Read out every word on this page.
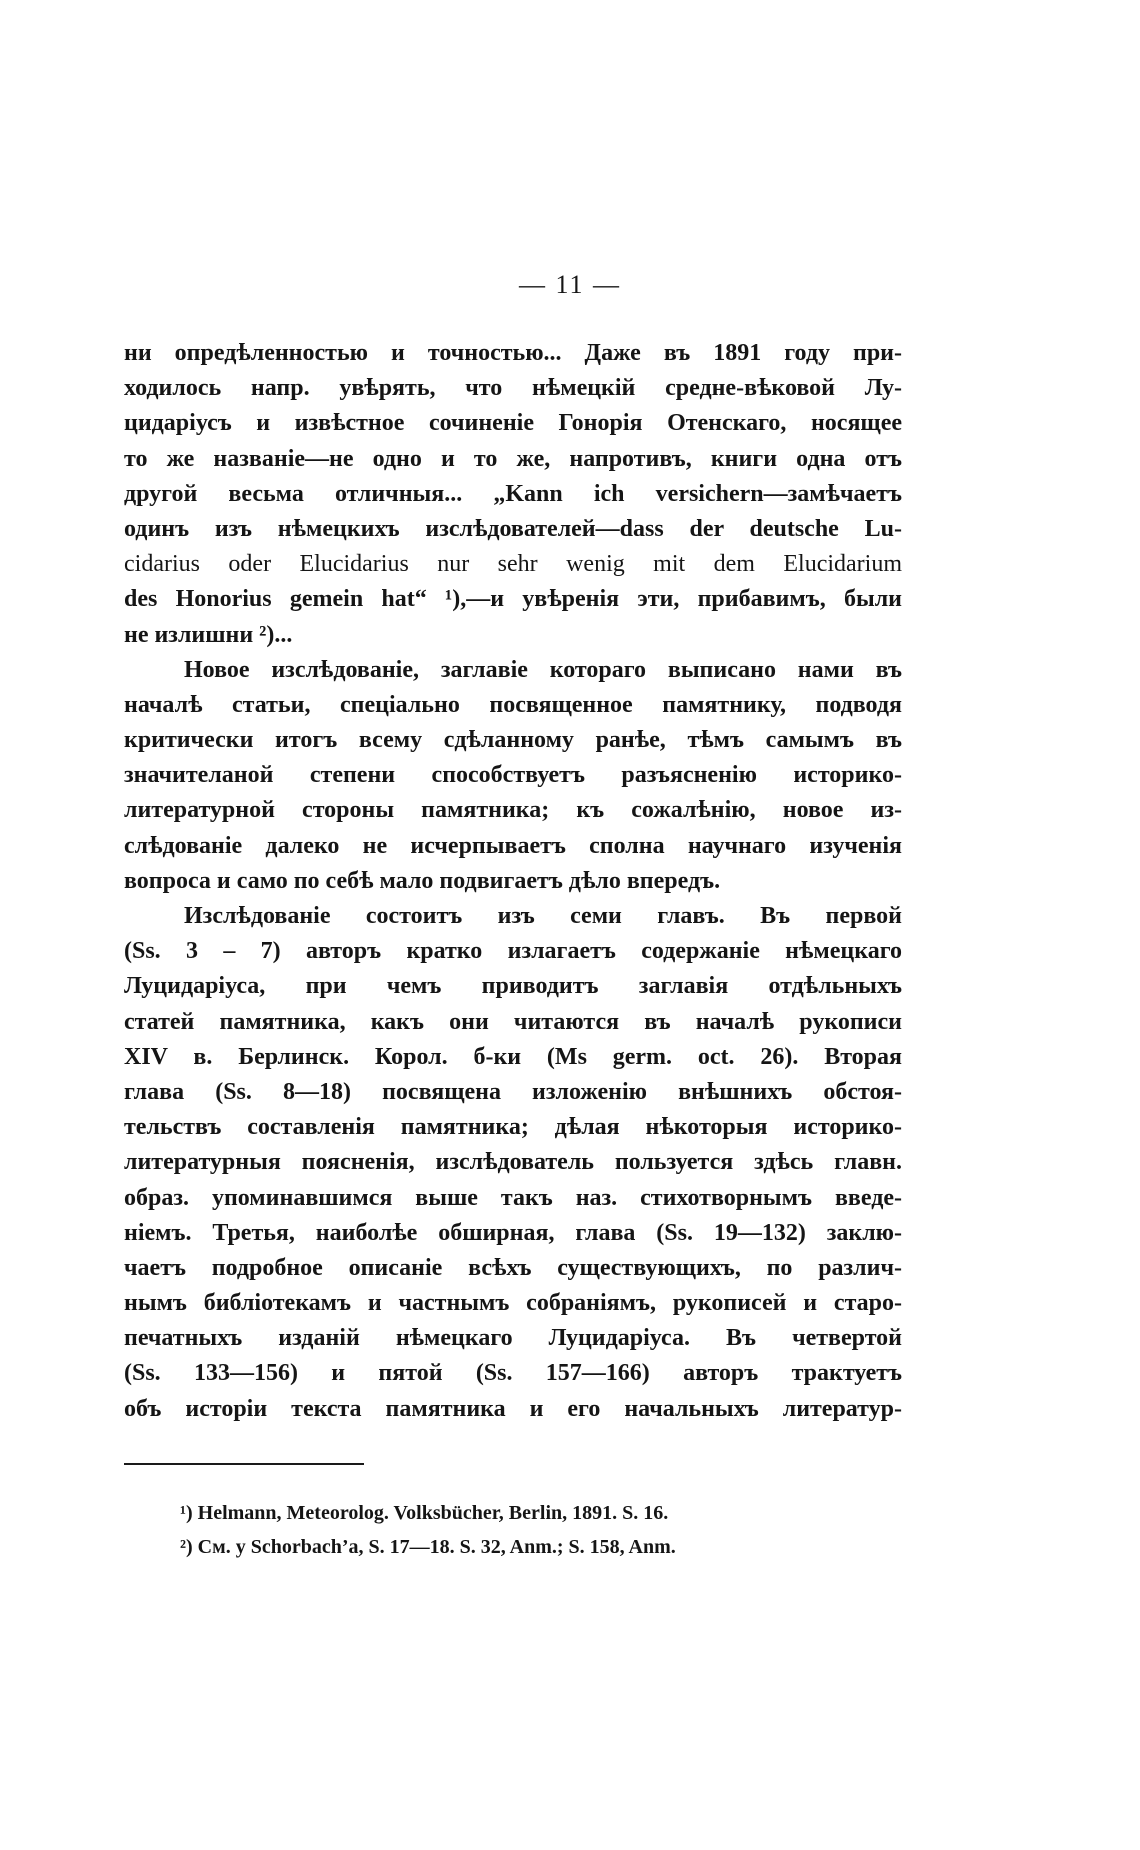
— 11 —
ни опредѣленностью и точностью... Даже въ 1891 году при-
ходилось напр. увѣрять, что нѣмецкій средне-вѣковой Лу-
цидаріусъ и извѣстное сочиненіе Гонорія Отенскаго, носящее
то же названіе—не одно и то же, напротивъ, книги одна отъ
другой весьма отличныя... „Kann ich versichern—замѣчаетъ
одинъ изъ нѣмецкихъ изслѣдователей—dass der deutsche Lu-
cidarius oder Elucidarius nur sehr wenig mit dem Elucidarium
des Honorius gemein hat“ ¹),—и увѣренія эти, прибавимъ, были
не излишни ²)...
Новое изслѣдованіе, заглавіе котораго выписано нами въ
началѣ статьи, спеціально посвященное памятнику, подводя
критически итогъ всему сдѣланному ранѣе, тѣмъ самымъ въ
значителаной степени способствуетъ разъясненію историко-
литературной стороны памятника; къ сожалѣнію, новое из-
слѣдованіе далеко не исчерпываетъ сполна научнаго изученія
вопроса и само по себѣ мало подвигаетъ дѣло впередъ.
Изслѣдованіе состоитъ изъ семи главъ. Въ первой
(Ss. 3 – 7) авторъ кратко излагаетъ содержаніе нѣмецкаго
Луцидаріуса, при чемъ приводитъ заглавія отдѣльныхъ
статей памятника, какъ они читаются въ началѣ рукописи
XIV в. Берлинск. Корол. б-ки (Ms germ. oct. 26). Вторая
глава (Ss. 8—18) посвящена изложенію внѣшнихъ обстоя-
тельствъ составленія памятника; дѣлая нѣкоторыя историко-
литературныя поясненія, изслѣдователь пользуется здѣсь главн.
образ. упоминавшимся выше такъ наз. стихотворнымъ введе-
ніемъ. Третья, наиболѣе обширная, глава (Ss. 19—132) заклю-
чаетъ подробное описаніе всѣхъ существующихъ, по различ-
нымъ библіотекамъ и частнымъ собраніямъ, рукописей и старо-
печатныхъ изданій нѣмецкаго Луцидаріуса. Въ четвертой
(Ss. 133—156) и пятой (Ss. 157—166) авторъ трактуетъ
объ исторіи текста памятника и его начальныхъ литератур-
¹) Helmann, Meteorolog. Volksbücher, Berlin, 1891. S. 16.
²) См. у Schorbach’a, S. 17—18. S. 32, Anm.; S. 158, Anm.
